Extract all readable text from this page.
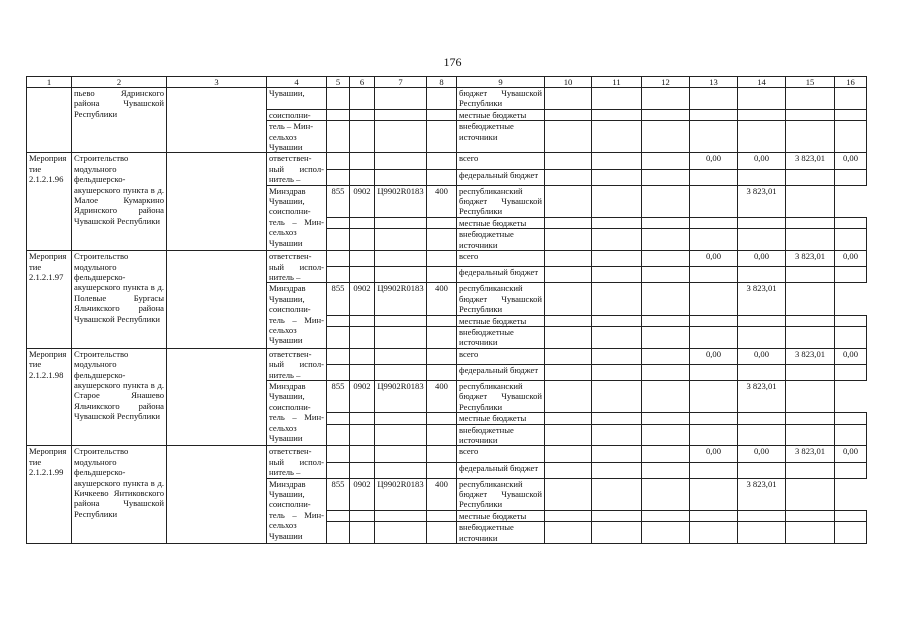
176
1	2	3	4	5	6	7	8	9	10	11	12	13	14	15	16
	пьево Ядринского района Чувашской Республики		Чувашии,					бюджет Чувашской Республики							
			соисполни-					местные бюджеты							
			тель – Мин- сельхоз Чувашии					внебюджетные источники							
Мероприятие 2.1.2.1.96	Строительство модульного фельдшерско-акушерского пункта в д. Малое Кумаркино Ядринского района Чувашской Республики		ответствен-ный испол-нитель –					всего				0,00	0,00	3 823,01	0,00
								федеральный бюджет							
			Минздрав Чувашии, соисполни-тель – Мин-сельхоз Чувашии	855	0902	Ц9902R0183	400	республиканский бюджет Чувашской Республики					3 823,01		
								местные бюджеты							
								внебюджетные источники							
Мероприятие 2.1.2.1.97	Строительство модульного фельдшерско-акушерского пункта в д. Полевые Бургасы Яльчикского района Чувашской Республики		ответствен-ный испол-нитель –					всего				0,00	0,00	3 823,01	0,00
								федеральный бюджет							
			Минздрав Чувашии, соисполни-тель – Мин-сельхоз Чувашии	855	0902	Ц9902R0183	400	республиканский бюджет Чувашской Республики					3 823,01		
								местные бюджеты							
								внебюджетные источники							
Мероприятие 2.1.2.1.98	Строительство модульного фельдшерско-акушерского пункта в д. Старое Янашево Яльчикского района Чувашской Республики		ответствен-ный испол-нитель –					всего				0,00	0,00	3 823,01	0,00
								федеральный бюджет							
			Минздрав Чувашии, соисполни-тель – Мин-сельхоз Чувашии	855	0902	Ц9902R0183	400	республиканский бюджет Чувашской Республики					3 823,01		
								местные бюджеты							
								внебюджетные источники							
Мероприятие 2.1.2.1.99	Строительство модульного фельдшерско-акушерского пункта в д. Кичкеево Янтиковского района Чувашской Республики		ответствен-ный испол-нитель –					всего				0,00	0,00	3 823,01	0,00
								федеральный бюджет							
			Минздрав Чувашии, соисполни-тель – Мин-сельхоз Чувашии	855	0902	Ц9902R0183	400	республиканский бюджет Чувашской Республики					3 823,01		
								местные бюджеты							
								внебюджетные источники							
